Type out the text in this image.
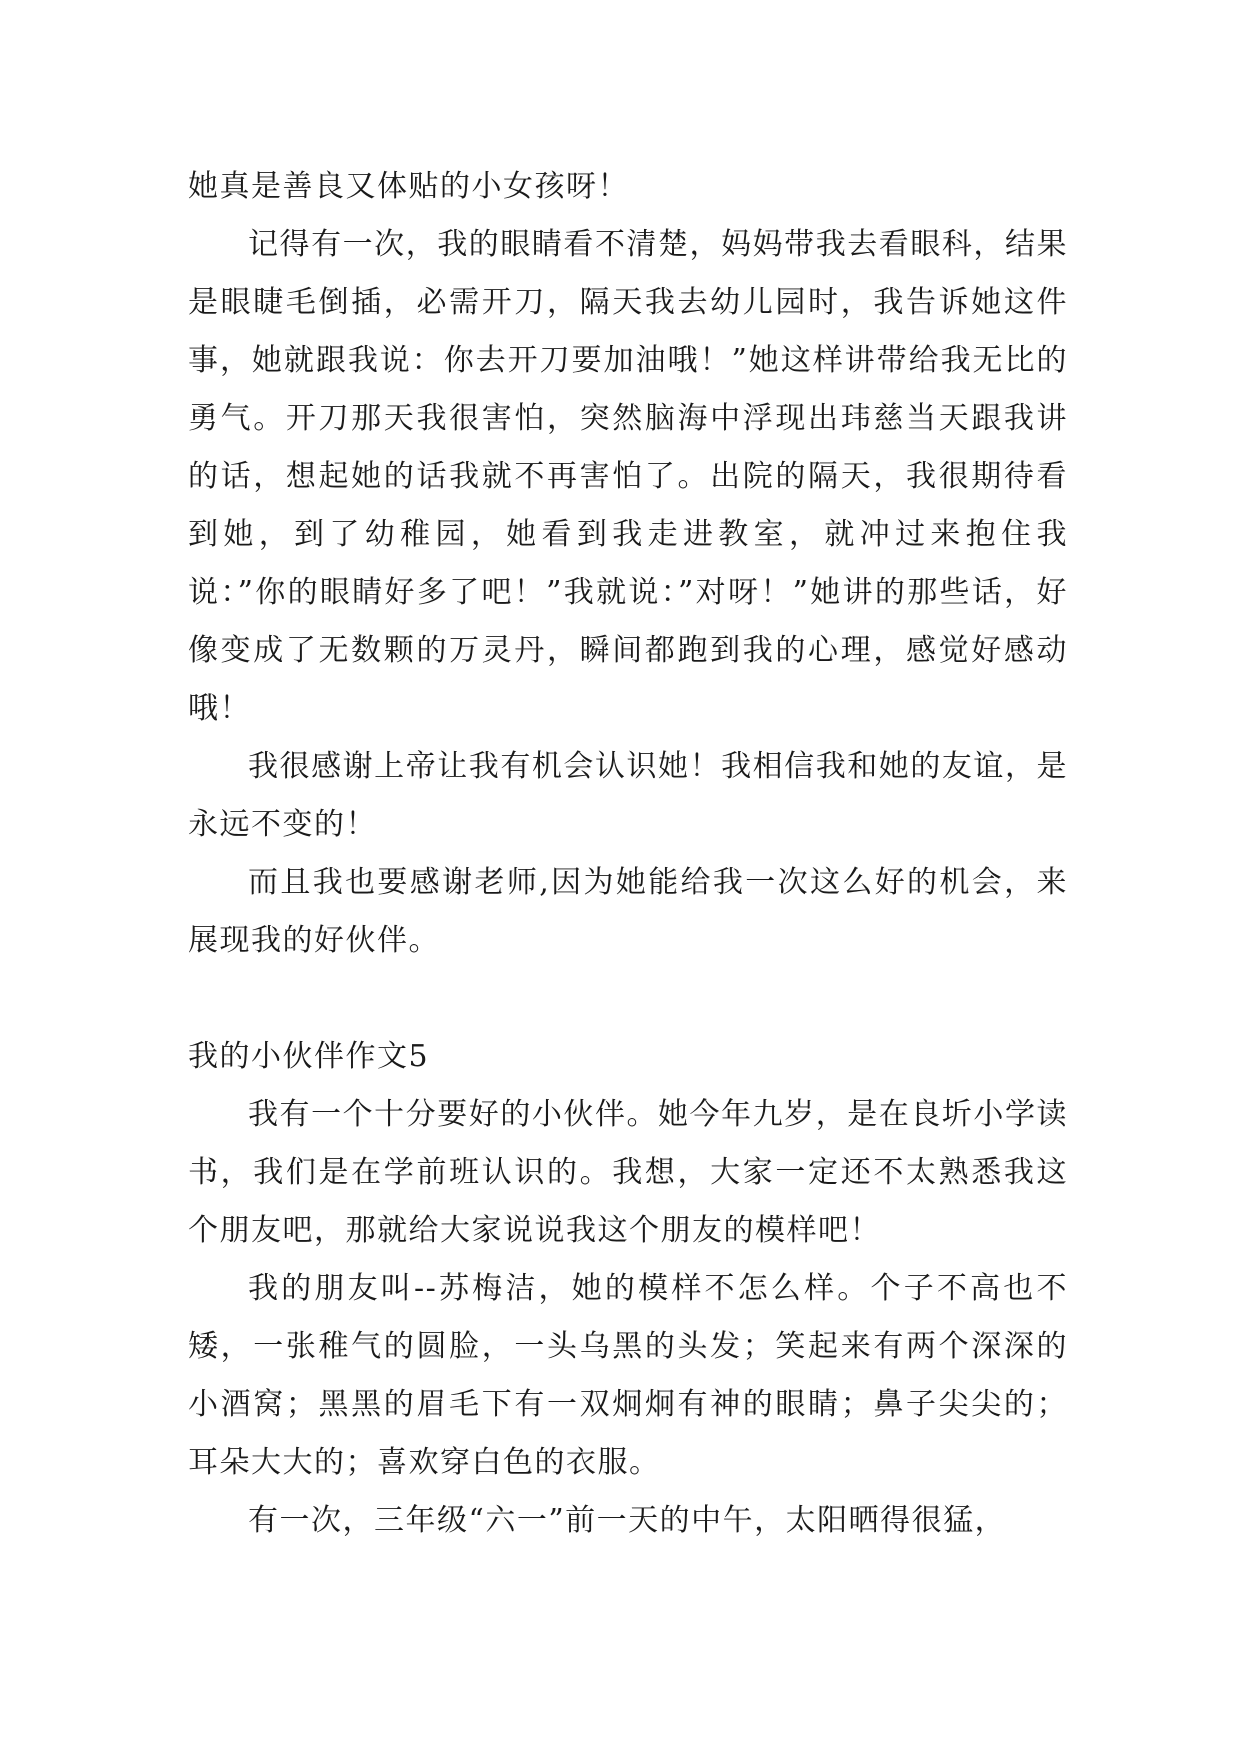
她真是善良又体贴的小女孩呀！

记得有一次，我的眼睛看不清楚，妈妈带我去看眼科，结果是眼睫毛倒插，必需开刀，隔天我去幼儿园时，我告诉她这件事，她就跟我说：你去开刀要加油哦！”她这样讲带给我无比的勇气。开刀那天我很害怕，突然脑海中浮现出玮慈当天跟我讲的话，想起她的话我就不再害怕了。出院的隔天，我很期待看到她，到了幼稚园，她看到我走进教室，就冲过来抱住我说：”你的眼睛好多了吧！”我就说：”对呀！”她讲的那些话，好像变成了无数颗的万灵丹，瞬间都跑到我的心理，感觉好感动哦！

我很感谢上帝让我有机会认识她！我相信我和她的友谊，是永远不变的！

而且我也要感谢老师,因为她能给我一次这么好的机会，来展现我的好伙伴。

我的小伙伴作文5

我有一个十分要好的小伙伴。她今年九岁，是在良圻小学读书，我们是在学前班认识的。我想，大家一定还不太熟悉我这个朋友吧，那就给大家说说我这个朋友的模样吧！

我的朋友叫--苏梅洁，她的模样不怎么样。个子不高也不矮，一张稚气的圆脸，一头乌黑的头发；笑起来有两个深深的小酒窝；黑黑的眉毛下有一双炯炯有神的眼睛；鼻子尖尖的；耳朵大大的；喜欢穿白色的衣服。

有一次，三年级“六一”前一天的中午，太阳晒得很猛，
